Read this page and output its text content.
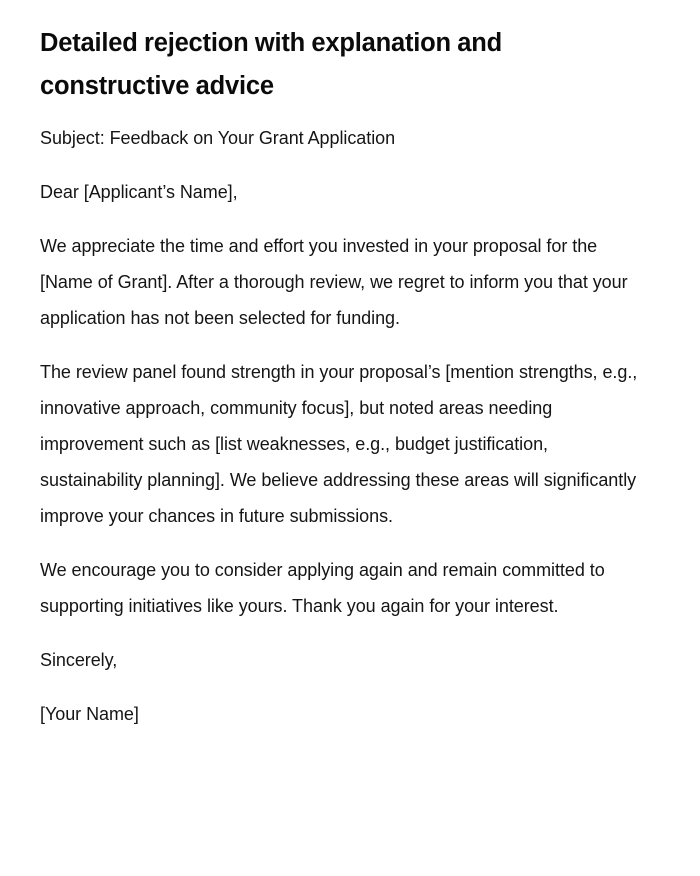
Detailed rejection with explanation and constructive advice

Subject: Feedback on Your Grant Application

Dear [Applicant’s Name],

We appreciate the time and effort you invested in your proposal for the [Name of Grant]. After a thorough review, we regret to inform you that your application has not been selected for funding.

The review panel found strength in your proposal’s [mention strengths, e.g., innovative approach, community focus], but noted areas needing improvement such as [list weaknesses, e.g., budget justification, sustainability planning]. We believe addressing these areas will significantly improve your chances in future submissions.

We encourage you to consider applying again and remain committed to supporting initiatives like yours. Thank you again for your interest.

Sincerely,

[Your Name]
